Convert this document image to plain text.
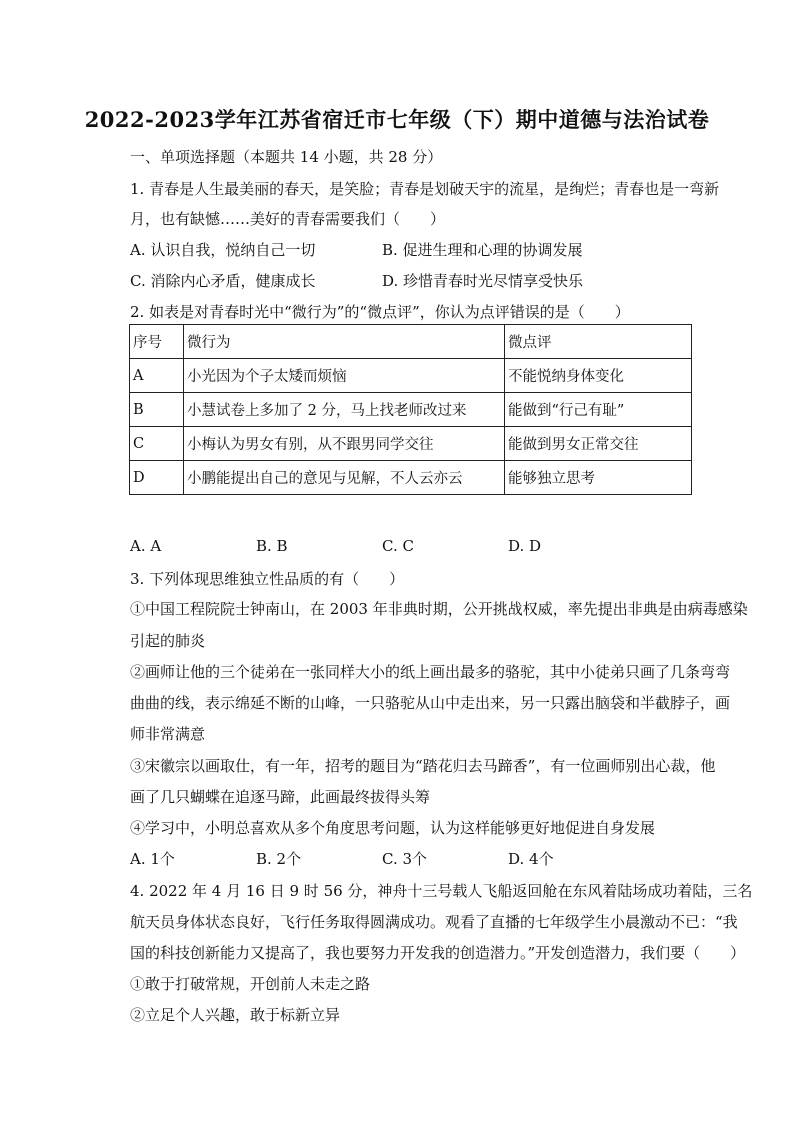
2022-2023学年江苏省宿迁市七年级（下）期中道德与法治试卷
一、单项选择题（本题共 14 小题，共 28 分）
1. 青春是人生最美丽的春天，是笑脸；青春是划破天宇的流星，是绚烂；青春也是一弯新
月，也有缺憾……美好的青春需要我们（　　）
A. 认识自我，悦纳自己一切	B. 促进生理和心理的协调发展
C. 消除内心矛盾，健康成长	D. 珍惜青春时光尽情享受快乐
2. 如表是对青春时光中“微行为”的“微点评”，你认为点评错误的是（　　）
序号	微行为	微点评
A	小光因为个子太矮而烦恼	不能悦纳身体变化
B	小慧试卷上多加了 2 分，马上找老师改过来	能做到“行己有耻”
C	小梅认为男女有别，从不跟男同学交往	能做到男女正常交往
D	小鹏能提出自己的意见与见解，不人云亦云	能够独立思考
A. A	B. B	C. C	D. D
3. 下列体现思维独立性品质的有（　　）
①中国工程院院士钟南山，在 2003 年非典时期，公开挑战权威，率先提出非典是由病毒感染
引起的肺炎
②画师让他的三个徒弟在一张同样大小的纸上画出最多的骆驼，其中小徒弟只画了几条弯弯
曲曲的线，表示绵延不断的山峰，一只骆驼从山中走出来，另一只露出脑袋和半截脖子，画
师非常满意
③宋徽宗以画取仕，有一年，招考的题目为“踏花归去马蹄香”，有一位画师别出心裁，他
画了几只蝴蝶在追逐马蹄，此画最终拔得头筹
④学习中，小明总喜欢从多个角度思考问题，认为这样能够更好地促进自身发展
A. 1个	B. 2个	C. 3个	D. 4个
4. 2022 年 4 月 16 日 9 时 56 分，神舟十三号载人飞船返回舱在东风着陆场成功着陆，三名
航天员身体状态良好，飞行任务取得圆满成功。观看了直播的七年级学生小晨激动不已：“我
国的科技创新能力又提高了，我也要努力开发我的创造潜力。”开发创造潜力，我们要（　　）
①敢于打破常规，开创前人未走之路
②立足个人兴趣，敢于标新立异
